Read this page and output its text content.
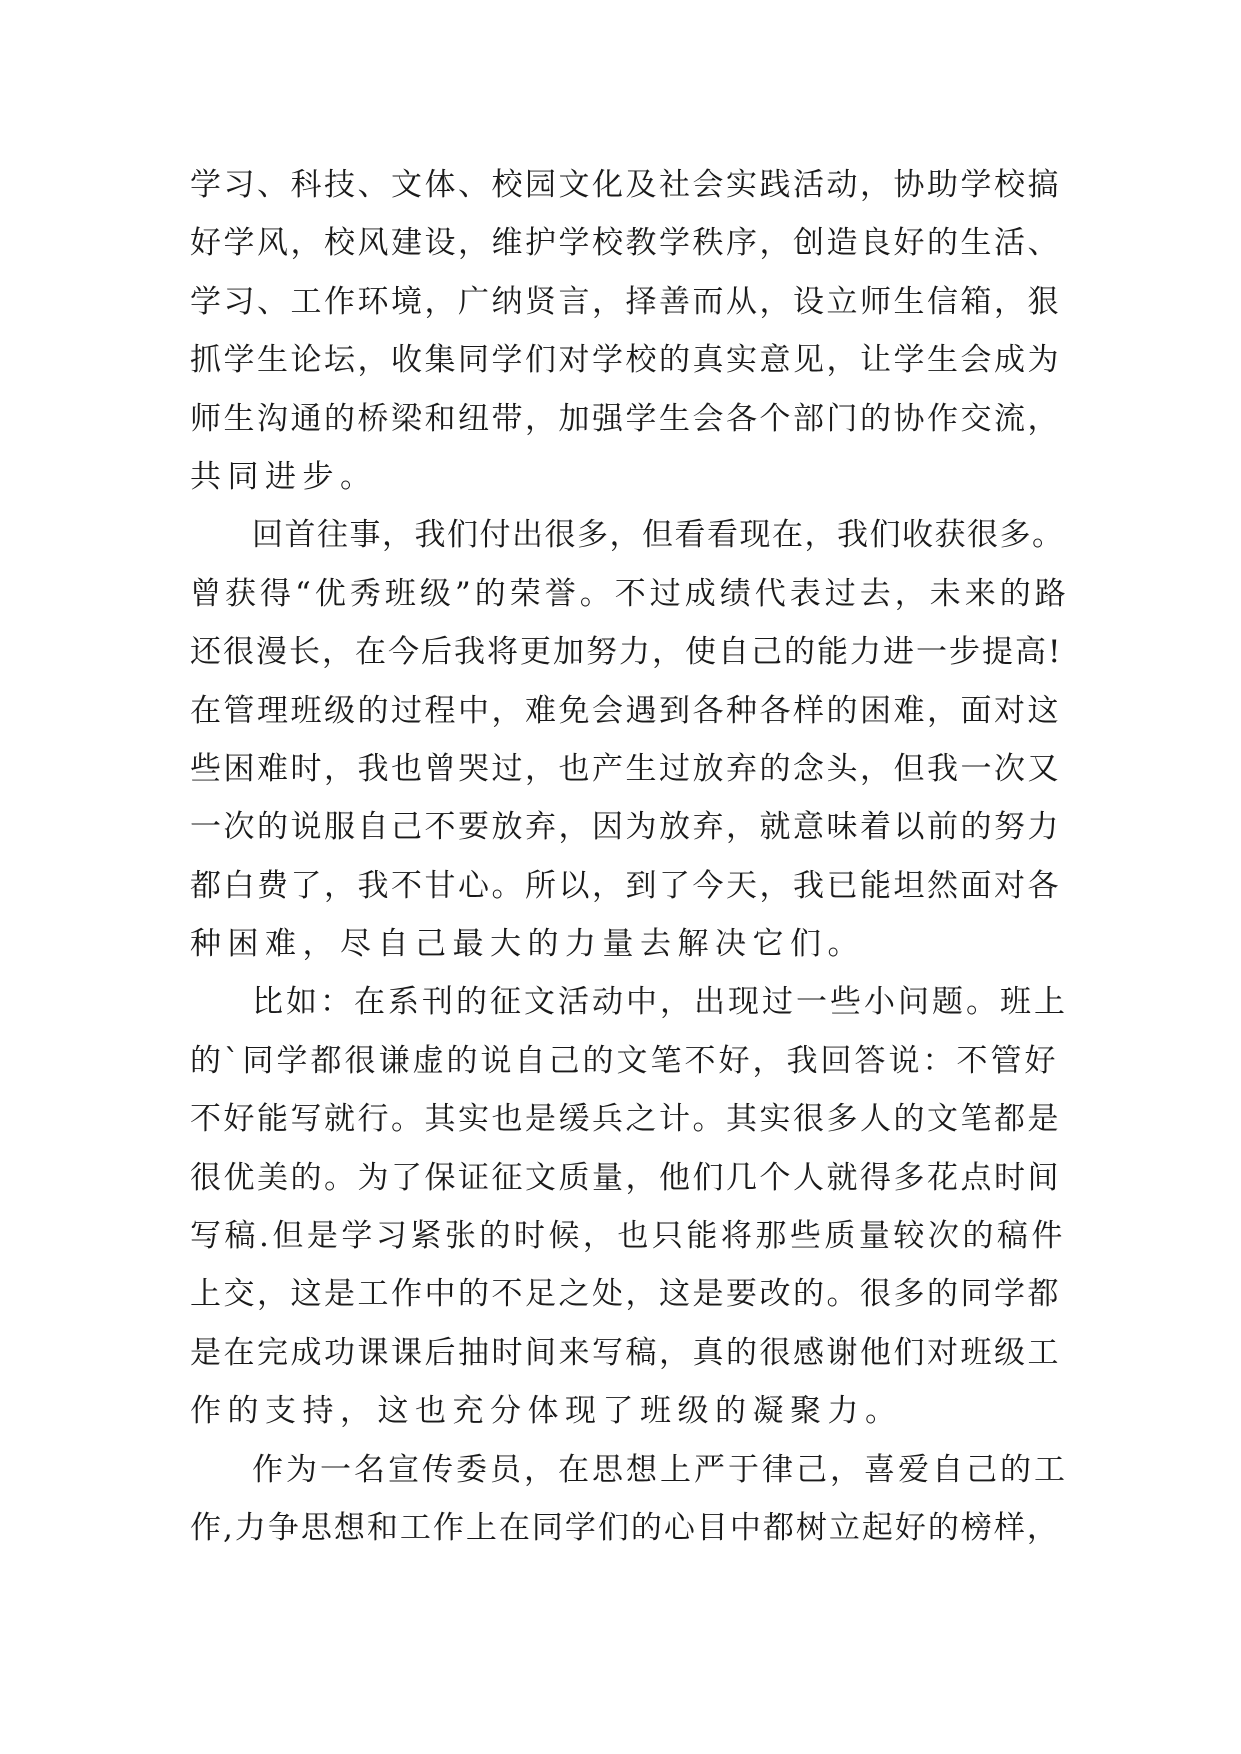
学习、科技、文体、校园文化及社会实践活动，协助学校搞
好学风，校风建设，维护学校教学秩序，创造良好的生活、
学习、工作环境，广纳贤言，择善而从，设立师生信箱，狠
抓学生论坛，收集同学们对学校的真实意见，让学生会成为
师生沟通的桥梁和纽带，加强学生会各个部门的协作交流，
共同进步。
回首往事，我们付出很多，但看看现在，我们收获很多。
曾获得“优秀班级”的荣誉。不过成绩代表过去，未来的路
还很漫长，在今后我将更加努力，使自己的能力进一步提高!
在管理班级的过程中，难免会遇到各种各样的困难，面对这
些困难时，我也曾哭过，也产生过放弃的念头，但我一次又
一次的说服自己不要放弃，因为放弃，就意味着以前的努力
都白费了，我不甘心。所以，到了今天，我已能坦然面对各
种困难，尽自己最大的力量去解决它们。
比如：在系刊的征文活动中，出现过一些小问题。班上
的`同学都很谦虚的说自己的文笔不好，我回答说：不管好
不好能写就行。其实也是缓兵之计。其实很多人的文笔都是
很优美的。为了保证征文质量，他们几个人就得多花点时间
写稿.但是学习紧张的时候，也只能将那些质量较次的稿件
上交，这是工作中的不足之处，这是要改的。很多的同学都
是在完成功课课后抽时间来写稿，真的很感谢他们对班级工
作的支持，这也充分体现了班级的凝聚力。
作为一名宣传委员，在思想上严于律己，喜爱自己的工
作,力争思想和工作上在同学们的心目中都树立起好的榜样，
